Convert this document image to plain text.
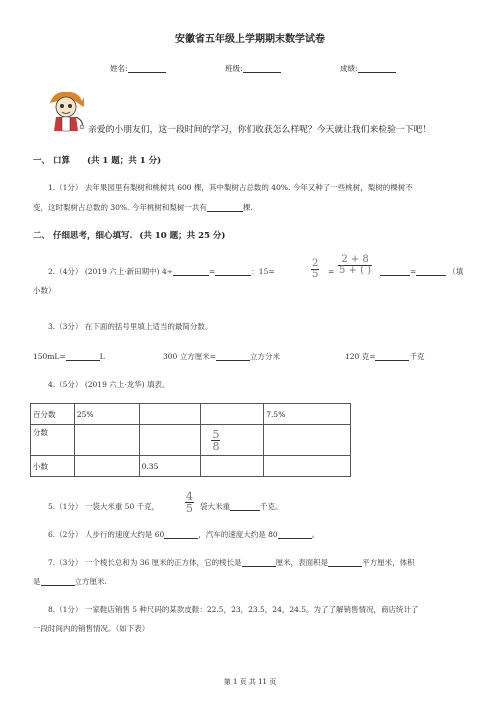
安徽省五年级上学期期末数学试卷
姓名:	班级:	成绩:
亲爱的小朋友们，这一段时间的学习，你们收获怎么样呢？今天就让我们来检验一下吧！
一、 口算 (共 1 题；共 1 分)
1.（1分） 去年果园里有梨树和桃树共 600 棵，其中梨树占总数的 40%. 今年又种了一些桃树，梨树的棵树不
变，这时梨树占总数的 30%. 今年桃树和梨树一共有	棵.
二、 仔细思考，细心填写. (共 10 题；共 25 分)
2.（4分） (2019 六上·新田期中) 4÷	=	：15=	$\frac{2}{5} = \frac{2 + 8}{5 + ( )}$	=	（填
小数）
3.（3分） 在下面的括号里填上适当的最简分数。
150mL=	L	300 立方厘米=	立方分米	120 克=	千克
4.（5分） (2019 六上·龙华) 填表。
百分数	25%			7.5%
分数			$\frac{5}{8}$

小数		0.35		
5.（1分） 一袋大米重 50 千克， $\frac{4}{5}$ 袋大米重	千克。
6.（2分） 人步行的速度大约是 60	，汽车的速度大约是 80	。
7.（3分） 一个棱长总和为 36 厘米的正方体，它的棱长是	厘米，表面积是	平方厘米，体积
是	立方厘米.
8.（1分） 一家鞋店销售 5 种尺码的某款皮鞋：22.5，23，23.5，24，24.5。为了了解销售情况，商店统计了
一段时间内的销售情况。（如下表）
第 1 页 共 11 页
